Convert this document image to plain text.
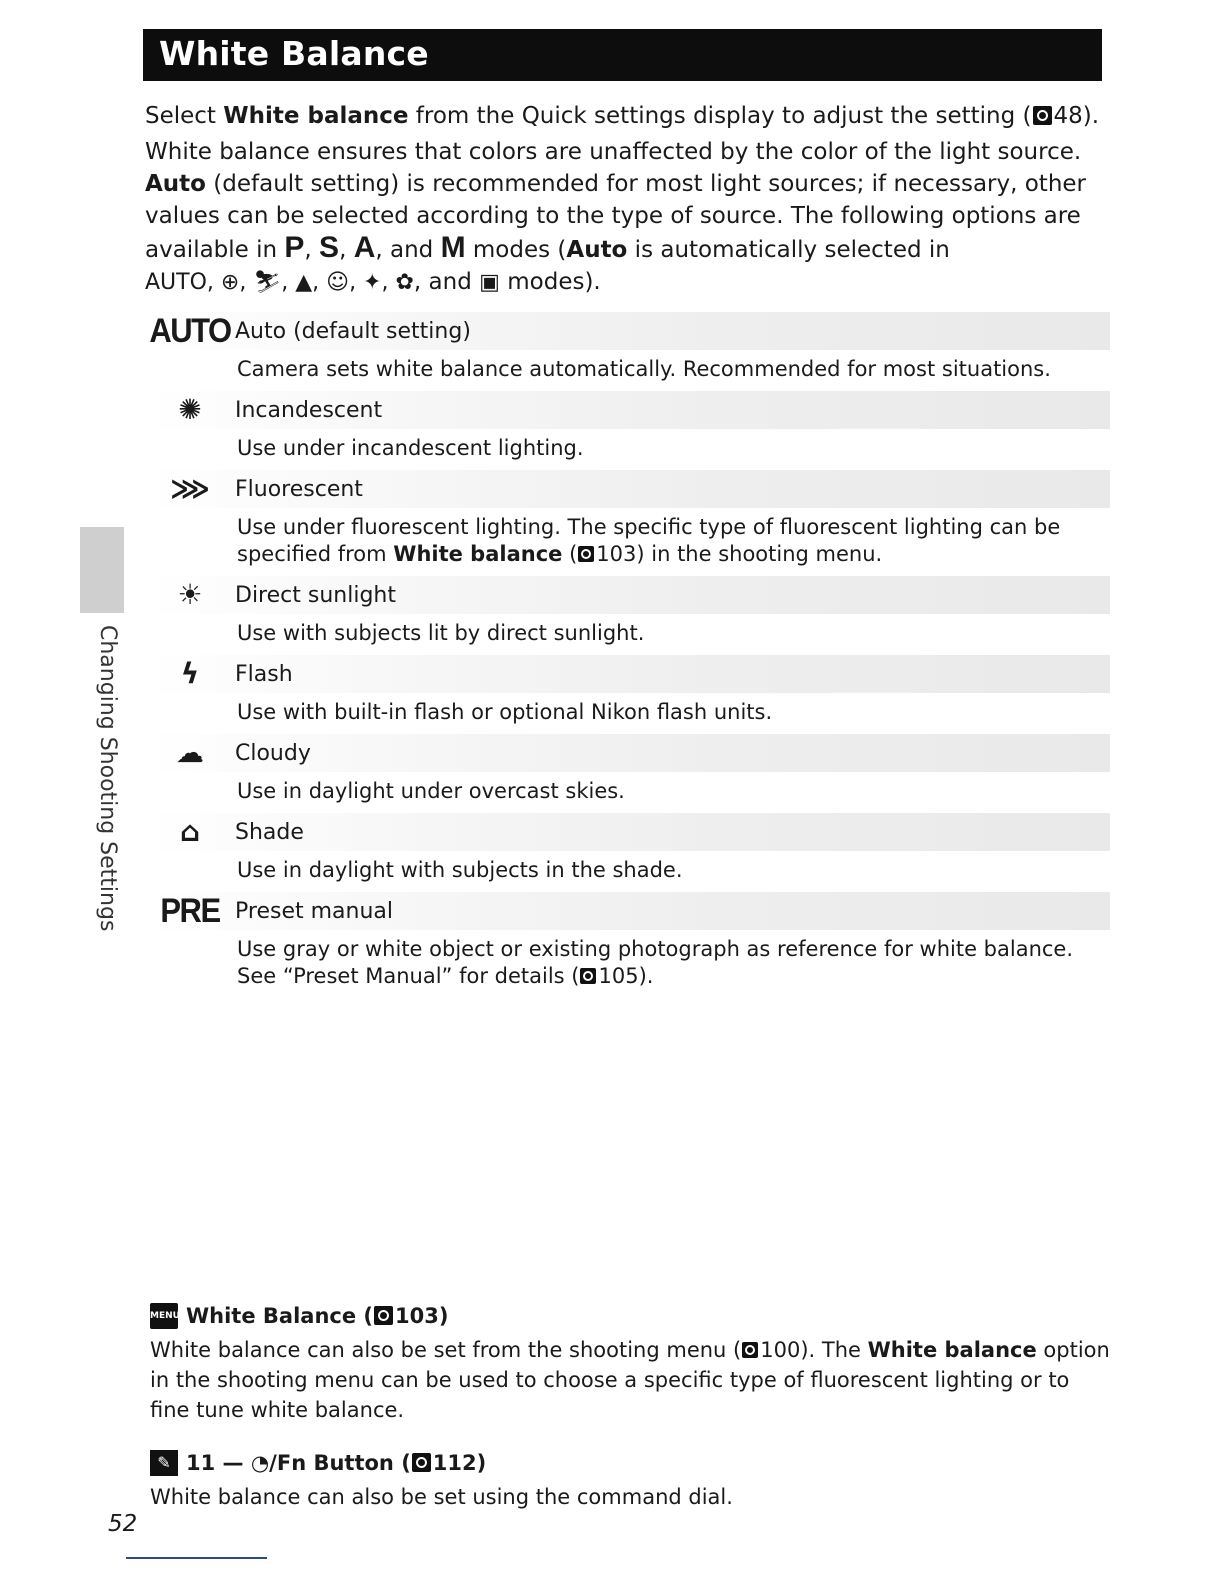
White Balance

Select White balance from the Quick settings display to adjust the setting ( 48).

White balance ensures that colors are unaffected by the color of the light source. Auto (default setting) is recommended for most light sources; if necessary, other values can be selected according to the type of source. The following options are available in P, S, A, and M modes (Auto is automatically selected in AUTO, ⊕, ⛷, ▲, ☺, ✦, ✿, and ▣ modes).

AUTO Auto (default setting)
Camera sets white balance automatically. Recommended for most situations.
✺	Incandescent
Use under incandescent lighting.
⋙	Fluorescent
Use under fluorescent lighting. The specific type of fluorescent lighting can be specified from White balance ( 103) in the shooting menu.
☀	Direct sunlight
Use with subjects lit by direct sunlight.
ϟ	Flash
Use with built-in flash or optional Nikon flash units.
☁	Cloudy
Use in daylight under overcast skies.
⌂	Shade
Use in daylight with subjects in the shade.
PRE Preset manual
Use gray or white object or existing photograph as reference for white balance. See “Preset Manual” for details ( 105).
Changing Shooting Settings
MENU White Balance ( 103)

White balance can also be set from the shooting menu ( 100). The White balance option in the shooting menu can be used to choose a specific type of fluorescent lighting or to fine tune white balance.

✎ 11 — ◔/Fn Button ( 112)

White balance can also be set using the command dial.

52
